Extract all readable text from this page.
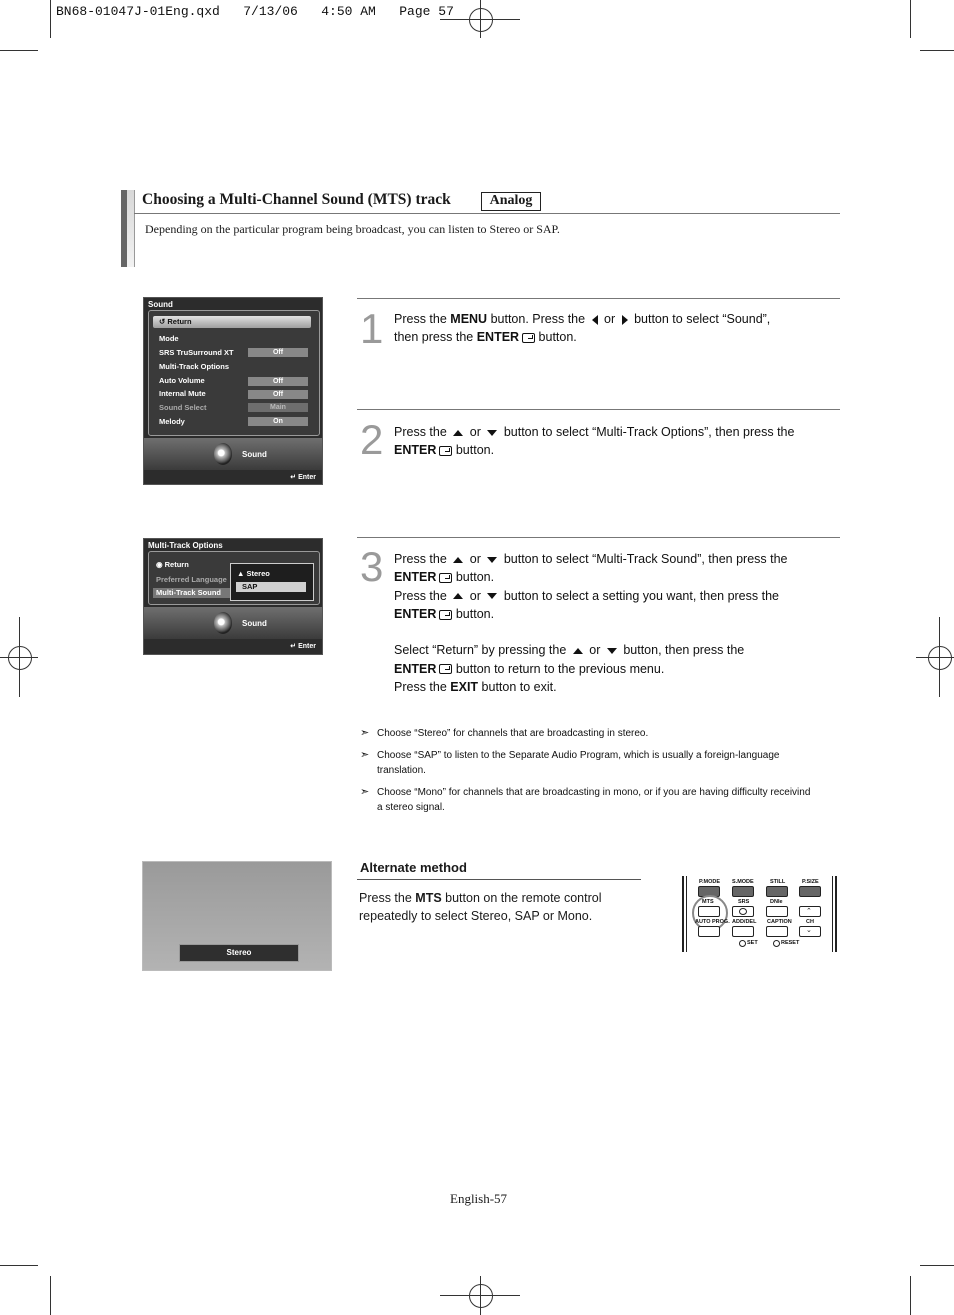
BN68-01047J-01Eng.qxd   7/13/06   4:50 AM   Page 57
Choosing a Multi-Channel Sound (MTS) track	Analog
Depending on the particular program being broadcast, you can listen to Stereo or SAP.
Sound
↺ Return
Mode
SRS TruSurround XT	Off
Multi-Track Options
Auto Volume	Off
Internal Mute	Off
Sound Select	Main
Melody	On
Sound
↵ Enter
Multi-Track Options
◉ Return
Preferred Language
Multi-Track Sound
▲ Stereo
SAP
Sound
↵ Enter
1 Press the MENU button. Press the  or  button to select “Sound”,
then press the ENTER button.
2 Press the  or  button to select “Multi-Track Options”, then press the
ENTER button.
3 Press the  or  button to select “Multi-Track Sound”, then press the
ENTER button.
Press the  or  button to select a setting you want, then press the
ENTER button.
Select “Return” by pressing the  or  button, then press the
ENTER button to return to the previous menu.
Press the EXIT button to exit.
➣ Choose “Stereo” for channels that are broadcasting in stereo.
➣ Choose “SAP” to listen to the Separate Audio Program, which is usually a foreign-language translation.
➣ Choose “Mono” for channels that are broadcasting in mono, or if you are having difficulty receivind a stereo signal.
Stereo
Alternate method
Press the MTS button on the remote control repeatedly to select Stereo, SAP or Mono.
P.MODE S.MODE	STILL	P.SIZE
MTS	SRS	DNIe
⌃
AUTO PROG. ADD/DEL CAPTION	CH
⌄
SET	RESET
English-57
